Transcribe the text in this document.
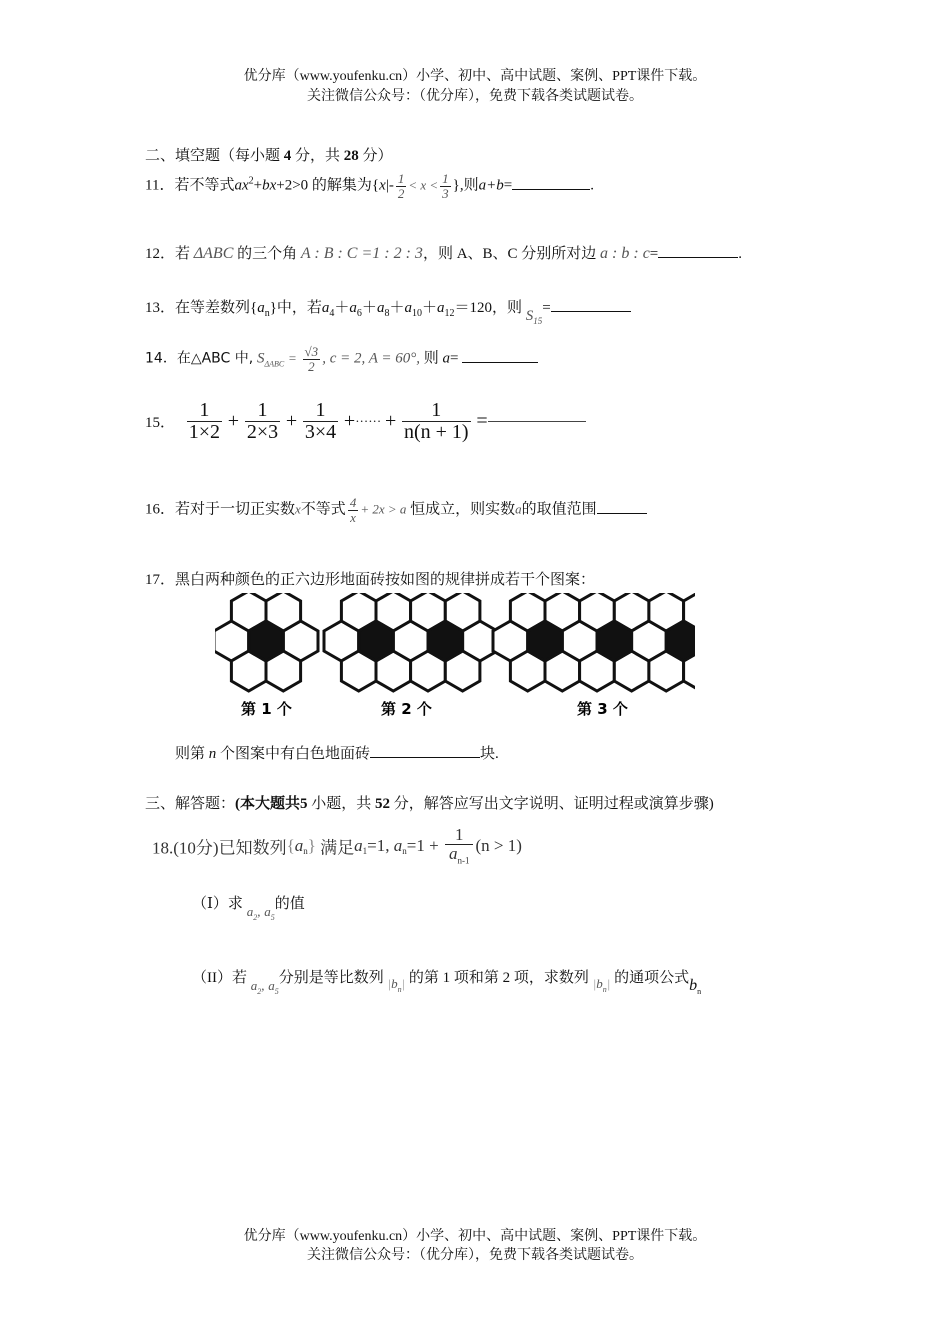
优分库（www.youfenku.cn）小学、初中、高中试题、案例、PPT课件下载。
关注微信公众号：（优分库），免费下载各类试题试卷。
二、填空题（每小题 4 分，共 28 分）
11．若不等式$ax^2+bx+2>0$ 的解集为{$x|- \frac{1}{2} < x < \frac{1}{3}$ },则a+b=	.
12．若 ΔABC 的三个角 A : B : C =1 : 2 : 3，则 A、B、C 分别所对边 a : b : c=	.
13．在等差数列$\{a_n\}$中，若$a_4+a_6+a_8+a_{10}+a_{12}=120$，则 $S_{15}=$
14．在△ABC 中, $S_{\Delta ABC} = \frac{√3}{2}$ , c = 2, A = 60°, 则 a=
15． $\frac{1}{1\times 2} + \frac{1}{2\times 3} + \frac{1}{3\times 4}$ +······ + $\frac{1}{n(n + 1)}$ =
16．若对于一切正实数x不等式 $\frac{4}{x} + 2x > a$ 恒成立，则实数a的取值范围
17．黑白两种颜色的正六边形地面砖按如图的规律拼成若干个图案：
第 1 个	第 2 个	第 3 个
则第 n 个图案中有白色地面砖	块.
三、解答题：(本大题共5 小题，共 52 分，解答应写出文字说明、证明过程或演算步骤)
18.(10分)已知数列$\{a_n\}$ 满足$a_1=1$, $a_n=1 + \frac{1}{a_{n-1}} (n > 1)$
（Ⅰ）求 $a_2$, $a_5$的值
（II）若 $a_2$, $a_5$分别是等比数列 $|b_n|$ 的第 1 项和第 2 项，求数列 $|b_n|$ 的通项公式$b_n$
优分库（www.youfenku.cn）小学、初中、高中试题、案例、PPT课件下载。
关注微信公众号：（优分库），免费下载各类试题试卷。
